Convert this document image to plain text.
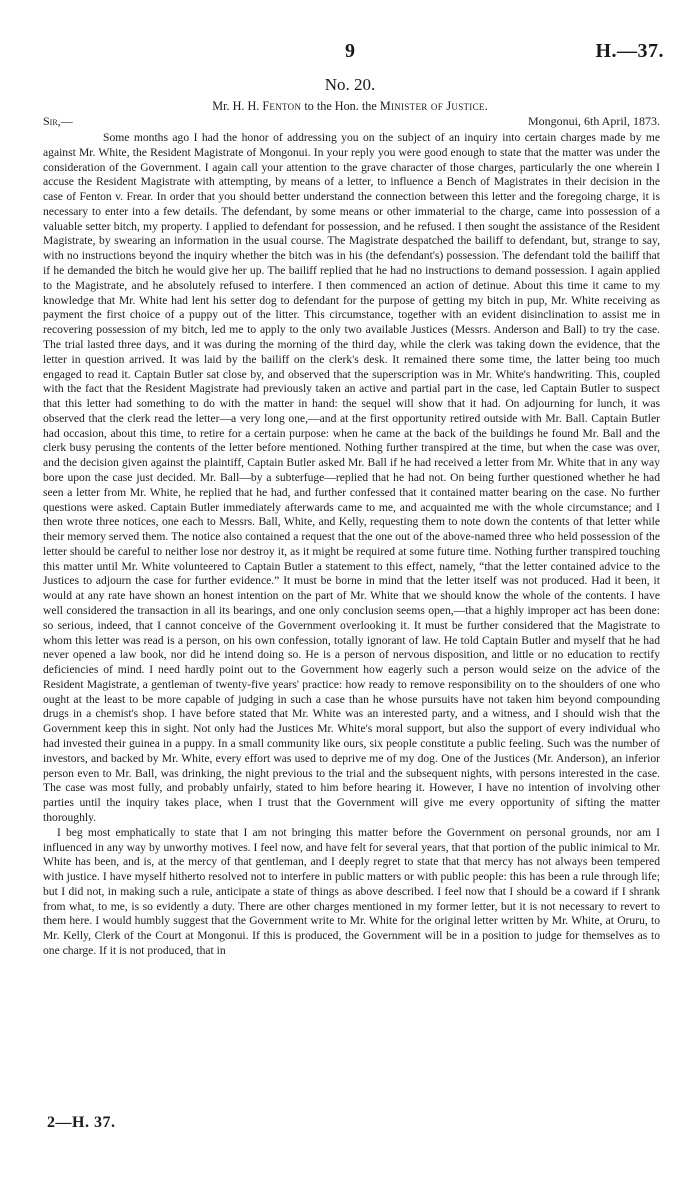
9	H.—37.
No. 20.
Mr. H. H. Fenton to the Hon. the Minister of Justice.
Sir,—	Mongonui, 6th April, 1873.

Some months ago I had the honor of addressing you on the subject of an inquiry into certain charges made by me against Mr. White, the Resident Magistrate of Mongonui. In your reply you were good enough to state that the matter was under the consideration of the Government. I again call your attention to the grave character of those charges, particularly the one wherein I accuse the Resident Magistrate with attempting, by means of a letter, to influence a Bench of Magistrates in their decision in the case of Fenton v. Frear. In order that you should better understand the connection between this letter and the foregoing charge, it is necessary to enter into a few details. The defendant, by some means or other immaterial to the charge, came into possession of a valuable setter bitch, my property. I applied to defendant for possession, and he refused. I then sought the assistance of the Resident Magistrate, by swearing an information in the usual course. The Magistrate despatched the bailiff to defendant, but, strange to say, with no instructions beyond the inquiry whether the bitch was in his (the defendant's) possession. The defendant told the bailiff that if he demanded the bitch he would give her up. The bailiff replied that he had no instructions to demand possession. I again applied to the Magistrate, and he absolutely refused to interfere. I then commenced an action of detinue. About this time it came to my knowledge that Mr. White had lent his setter dog to defendant for the purpose of getting my bitch in pup, Mr. White receiving as payment the first choice of a puppy out of the litter. This circumstance, together with an evident disinclination to assist me in recovering possession of my bitch, led me to apply to the only two available Justices (Messrs. Anderson and Ball) to try the case. The trial lasted three days, and it was during the morning of the third day, while the clerk was taking down the evidence, that the letter in question arrived. It was laid by the bailiff on the clerk's desk. It remained there some time, the latter being too much engaged to read it. Captain Butler sat close by, and observed that the superscription was in Mr. White's handwriting. This, coupled with the fact that the Resident Magistrate had previously taken an active and partial part in the case, led Captain Butler to suspect that this letter had something to do with the matter in hand: the sequel will show that it had. On adjourning for lunch, it was observed that the clerk read the letter—a very long one,—and at the first opportunity retired outside with Mr. Ball. Captain Butler had occasion, about this time, to retire for a certain purpose: when he came at the back of the buildings he found Mr. Ball and the clerk busy perusing the contents of the letter before mentioned. Nothing further transpired at the time, but when the case was over, and the decision given against the plaintiff, Captain Butler asked Mr. Ball if he had received a letter from Mr. White that in any way bore upon the case just decided. Mr. Ball—by a subterfuge—replied that he had not. On being further questioned whether he had seen a letter from Mr. White, he replied that he had, and further confessed that it contained matter bearing on the case. No further questions were asked. Captain Butler immediately afterwards came to me, and acquainted me with the whole circumstance; and I then wrote three notices, one each to Messrs. Ball, White, and Kelly, requesting them to note down the contents of that letter while their memory served them. The notice also contained a request that the one out of the above-named three who held possession of the letter should be careful to neither lose nor destroy it, as it might be required at some future time. Nothing further transpired touching this matter until Mr. White volunteered to Captain Butler a statement to this effect, namely, “that the letter contained advice to the Justices to adjourn the case for further evidence.” It must be borne in mind that the letter itself was not produced. Had it been, it would at any rate have shown an honest intention on the part of Mr. White that we should know the whole of the contents. I have well considered the transaction in all its bearings, and one only conclusion seems open,—that a highly improper act has been done: so serious, indeed, that I cannot conceive of the Government overlooking it. It must be further considered that the Magistrate to whom this letter was read is a person, on his own confession, totally ignorant of law. He told Captain Butler and myself that he had never opened a law book, nor did he intend doing so. He is a person of nervous disposition, and little or no education to rectify deficiencies of mind. I need hardly point out to the Government how eagerly such a person would seize on the advice of the Resident Magistrate, a gentleman of twenty-five years' practice: how ready to remove responsibility on to the shoulders of one who ought at the least to be more capable of judging in such a case than he whose pursuits have not taken him beyond compounding drugs in a chemist's shop. I have before stated that Mr. White was an interested party, and a witness, and I should wish that the Government keep this in sight. Not only had the Justices Mr. White's moral support, but also the support of every individual who had invested their guinea in a puppy. In a small community like ours, six people constitute a public feeling. Such was the number of investors, and backed by Mr. White, every effort was used to deprive me of my dog. One of the Justices (Mr. Anderson), an inferior person even to Mr. Ball, was drinking, the night previous to the trial and the subsequent nights, with persons interested in the case. The case was most fully, and probably unfairly, stated to him before hearing it. However, I have no intention of involving other parties until the inquiry takes place, when I trust that the Government will give me every opportunity of sifting the matter thoroughly.

I beg most emphatically to state that I am not bringing this matter before the Government on personal grounds, nor am I influenced in any way by unworthy motives. I feel now, and have felt for several years, that that portion of the public inimical to Mr. White has been, and is, at the mercy of that gentleman, and I deeply regret to state that that mercy has not always been tempered with justice. I have myself hitherto resolved not to interfere in public matters or with public people: this has been a rule through life; but I did not, in making such a rule, anticipate a state of things as above described. I feel now that I should be a coward if I shrank from what, to me, is so evidently a duty. There are other charges mentioned in my former letter, but it is not necessary to revert to them here. I would humbly suggest that the Government write to Mr. White for the original letter written by Mr. White, at Oruru, to Mr. Kelly, Clerk of the Court at Mongonui. If this is produced, the Government will be in a position to judge for themselves as to one charge. If it is not produced, that in

2—H. 37.
